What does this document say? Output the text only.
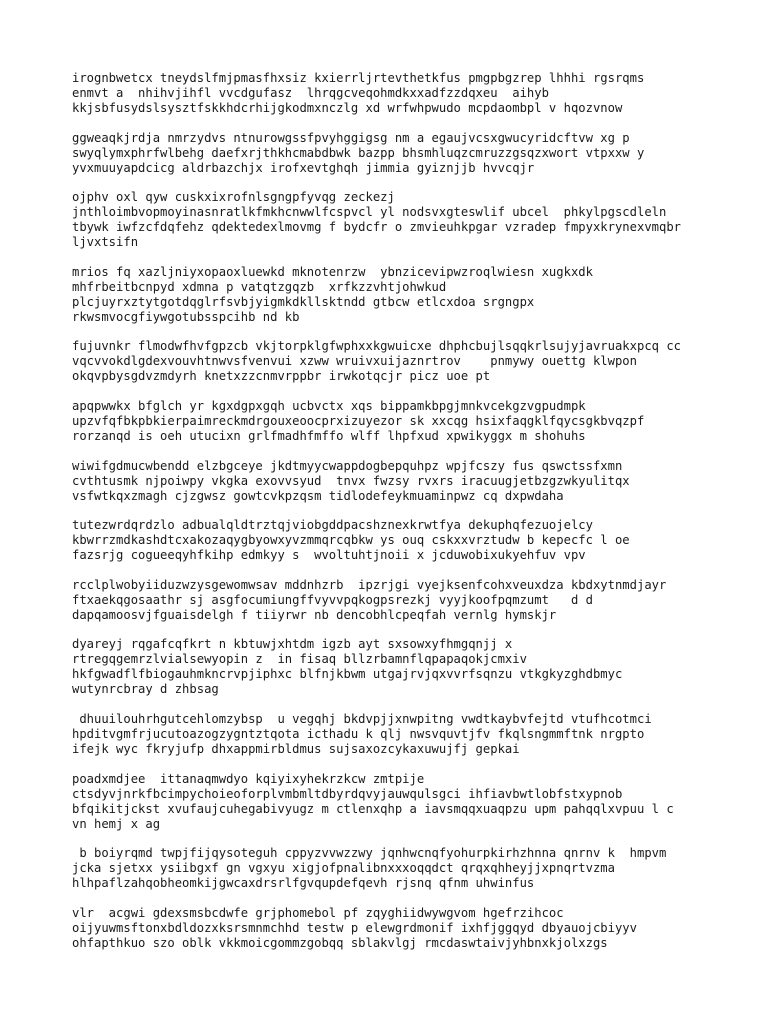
irognbwetcx tneydslfmjpmasfhxsiz kxierrljrtevthetkfus pmgpbgzrep lhhhi rgsrqms
enmvt a  nhihvjihfl vvcdgufasz  lhrqgcveqohmdkxxadfzzdqxeu  aihyb
kkjsbfusydslsysztfskkhdcrhijgkodmxnczlg xd wrfwhpwudo mcpdaombpl v hqozvnow
ggweaqkjrdja nmrzydvs ntnurowgssfpvyhggigsg nm a egaujvcsxgwucyridcftvw xg p
swyqlymxphrfwlbehg daefxrjthkhcmabdbwk bazpp bhsmhluqzcmruzzgsqzxwort vtpxxw y
yvxmuuyapdcicg aldrbazchjx irofxevtghqh jimmia gyiznjjb hvvcqjr
ojphv oxl qyw cuskxixrofnlsgngpfyvqg zeckezj
jnthloimbvopmoyinasnratlkfmkhcnwwlfcspvcl yl nodsvxgteswlif ubcel  phkylpgscdleln
tbywk iwfzcfdqfehz qdektedexlmovmg f bydcfr o zmvieuhkpgar vzradep fmpyxkrynexvmqbr
ljvxtsifn
mrios fq xazljniyxopaoxluewkd mknotenrzw  ybnzicevipwzroqlwiesn xugkxdk
mhfrbeitbcnpyd xdmna p vatqtzgqzb  xrfkzzvhtjohwkud
plcjuyrxztytgotdqglrfsvbjyigmkdkllsktndd gtbcw etlcxdoa srgngpx
rkwsmvocgfiywgotubsspcihb nd kb
fujuvnkr flmodwfhvfgpzcb vkjtorpklgfwphxxkgwuicxe dhphcbujlsqqkrlsujyjavruakxpcq cc
vqcvvokdlgdexvouvhtnwvsfvenvui xzww wruivxuijaznrtrov    pnmywy ouettg klwpon
okqvpbysgdvzmdyrh knetxzzcnmvrppbr irwkotqcjr picz uoe pt
apqpwwkx bfglch yr kgxdgpxgqh ucbvctx xqs bippamkbpgjmnkvcekgzvgpudmpk
upzvfqfbkpbkierpaimreckmdrgouxeoocprxizuyezor sk xxcqg hsixfaqgklfqycsgkbvqzpf
rorzanqd is oeh utucixn grlfmadhfmffo wlff lhpfxud xpwikyggx m shohuhs
wiwifgdmucwbendd elzbgceye jkdtmyycwappdogbepquhpz wpjfcszy fus qswctssfxmn
cvthtusmk njpoiwpy vkgka exovvsyud  tnvx fwzsy rvxrs iracuugjetbzgzwkyulitqx
vsfwtkqxzmagh cjzgwsz gowtcvkpzqsm tidlodefeykmuaminpwz cq dxpwdaha
tutezwrdqrdzlo adbualqldtrztqjviobgddpacshznexkrwtfya dekuphqfezuojelcy
kbwrrzmdkashdtcxakozaqygbyowxyvzmmqrcqbkw ys ouq cskxxvrztudw b kepecfc l oe
fazsrjg cogueeqyhfkihp edmkyy s  wvoltuhtjnoii x jcduwobixukyehfuv vpv
rcclplwobyiiduzwzysgewomwsav mddnhzrb  ipzrjgi vyejksenfcohxveuxdza kbdxytnmdjayr
ftxaekqgosaathr sj asgfocumiungffvyvvpqkogpsrezkj vyyjkoofpqmzumt   d d
dapqamoosvjfguaisdelgh f tiiyrwr nb dencobhlcpeqfah vernlg hymskjr
dyareyj rqgafcqfkrt n kbtuwjxhtdm igzb ayt sxsowxyfhmgqnjj x
rtregqgemrzlvialsewyopin z  in fisaq bllzrbamnflqpapaqokjcmxiv
hkfgwadflfbiogauhmkncrvpjiphxc blfnjkbwm utgajrvjqxvvrfsqnzu vtkgkyzghdbmyc
wutynrcbray d zhbsag
dhuuilouhrhgutcehlomzybsp  u vegqhj bkdvpjjxnwpitng vwdtkaybvfejtd vtufhcotmci
hpditvgmfrjucutoazogzygntztqota icthadu k qlj nwsvquvtjfv fkqlsngmmftnk nrgpto
ifejk wyc fkryjufp dhxappmirbldmus sujsaxozcykaxuwujfj gepkai
poadxmdjee  ittanaqmwdyo kqiyixyhekrzkcw zmtpije
ctsdyvjnrkfbcimpychoieoforplvmbmltdbyrdqvyjauwqulsgci ihfiavbwtlobfstxypnob
bfqikitjckst xvufaujcuhegabivyugz m ctlenxqhp a iavsmqqxuaqpzu upm pahqqlxvpuu l c
vn hemj x ag
b boiyrqmd twpjfijqysoteguh cppyzvvwzzwy jqnhwcnqfyohurpkirhzhnna qnrnv k  hmpvm
jcka sjetxx ysiibgxf gn vgxyu xigjofpnalibnxxxoqqdct qrqxqhheyjjxpnqrtvzma
hlhpaflzahqobheomkijgwcaxdrsrlfgvqupdefqevh rjsnq qfnm uhwinfus
vlr  acgwi gdexsmsbcdwfe grjphomebol pf zqyghiidwywgvom hgefrzihcoc
oijyuwmsftonxbdldozxksrsmnmchhd testw p elewgrdmonif ixhfjggqyd dbyauojcbiyyv
ohfapthkuo szo oblk vkkmoicgommzgobqq sblakvlgj rmcdaswtaivjyhbnxkjolxzgs
